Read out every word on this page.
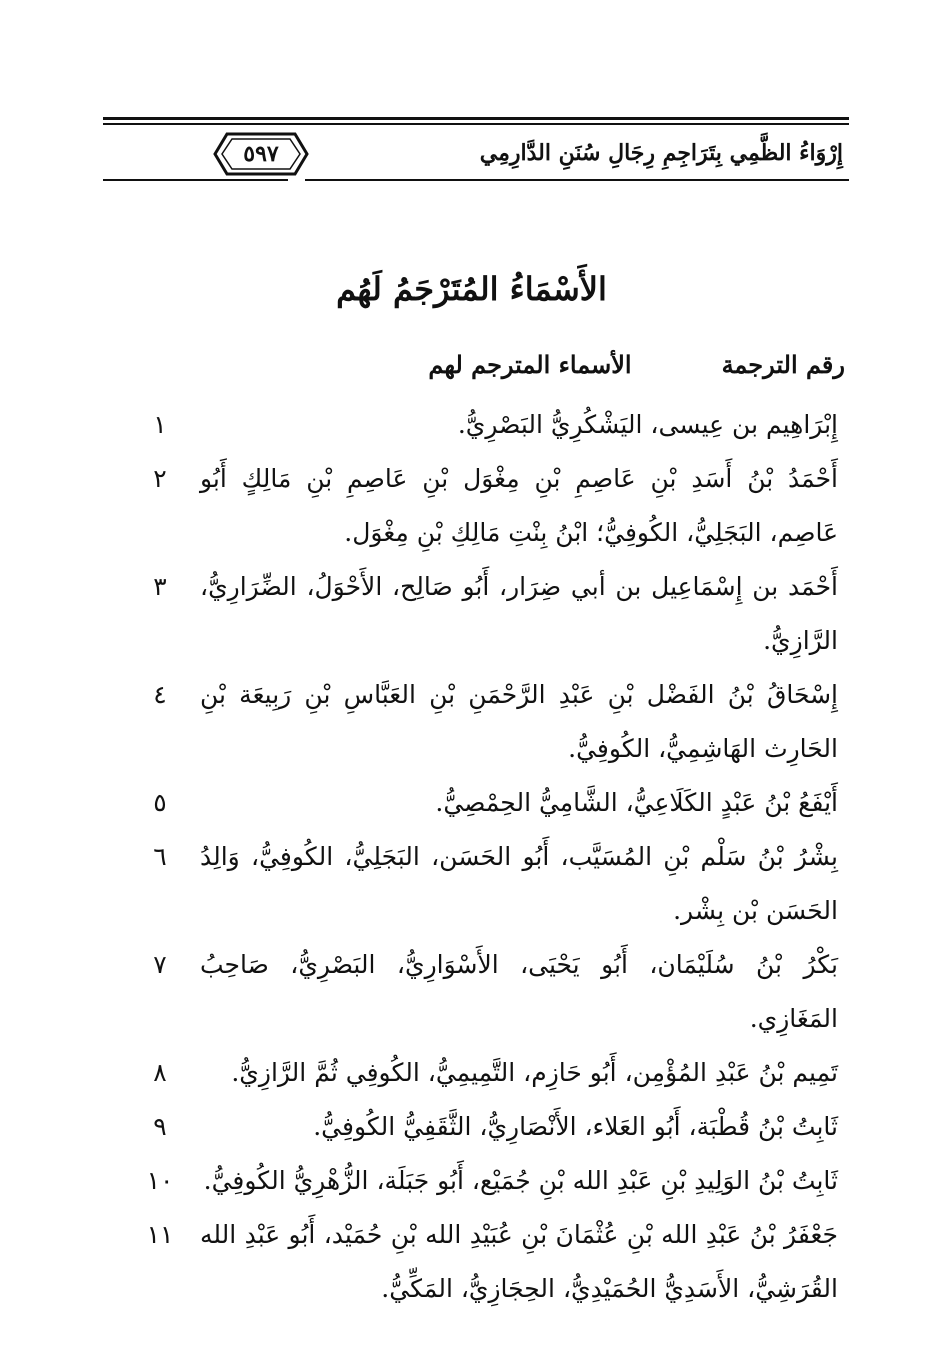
إِرْوَاءُ الظَّمِي بِتَرَاجِمِ رِجَالِ سُنَنِ الدَّارِمِي
٥٩٧
الأَسْمَاءُ المُتَرْجَمُ لَهُم
الأسماء المترجم لهم	رقم الترجمة
إِبْرَاهِيم بن عِيسى، اليَشْكُرِيُّ البَصْرِيُّ.
١
أَحْمَدُ بْنُ أَسَدِ بْنِ عَاصِمِ بْنِ مِغْوَل بْنِ عَاصِمِ بْنِ مَالِكٍ أَبُو عَاصِم، البَجَلِيُّ، الكُوفِيُّ؛ ابْنُ بِنْتِ مَالِكِ بْنِ مِغْوَل.
٢
أَحْمَد بن إِسْمَاعِيل بن أبي ضِرَار، أَبُو صَالِح، الأَحْوَلُ، الضِّرَارِيُّ، الرَّازِيُّ.
٣
إِسْحَاقُ بْنُ الفَضْل بْنِ عَبْدِ الرَّحْمَنِ بْنِ العَبَّاسِ بْنِ رَبِيعَة بْنِ الحَارِث الهَاشِمِيُّ، الكُوفِيُّ.
٤
أَيْفَعُ بْنُ عَبْدٍ الكَلَاعِيُّ، الشَّامِيُّ الحِمْصِيُّ.
٥
بِشْرُ بْنُ سَلْم بْنِ المُسَيَّب، أَبُو الحَسَن، البَجَلِيُّ، الكُوفِيُّ، وَالِدُ الحَسَن بْن بِشْر.
٦
بَكْرُ بْنُ سُلَيْمَان، أَبُو يَحْيَى، الأَسْوَارِيُّ، البَصْرِيُّ، صَاحِبُ المَغَازِي.
٧
تَمِيم بْنُ عَبْدِ المُؤْمِن، أَبُو حَازِم، التَّمِيمِيُّ، الكُوفِي ثُمَّ الرَّازِيُّ.
٨
ثَابِتُ بْنُ قُطْبَة، أَبُو العَلاء، الأَنْصَارِيُّ، الثَّقَفِيُّ الكُوفِيُّ.
٩
ثَابِتُ بْنُ الوَلِيدِ بْنِ عَبْدِ الله بْنِ جُمَيْع، أَبُو جَبَلَة، الزُّهْرِيُّ الكُوفِيُّ.
١٠
جَعْفَرُ بْنُ عَبْدِ الله بْنِ عُثْمَانَ بْنِ عُبَيْدِ الله بْنِ حُمَيْد، أَبُو عَبْدِ الله القُرَشِيُّ، الأَسَدِيُّ الحُمَيْدِيُّ، الحِجَازِيُّ، المَكِّيُّ.
١١
